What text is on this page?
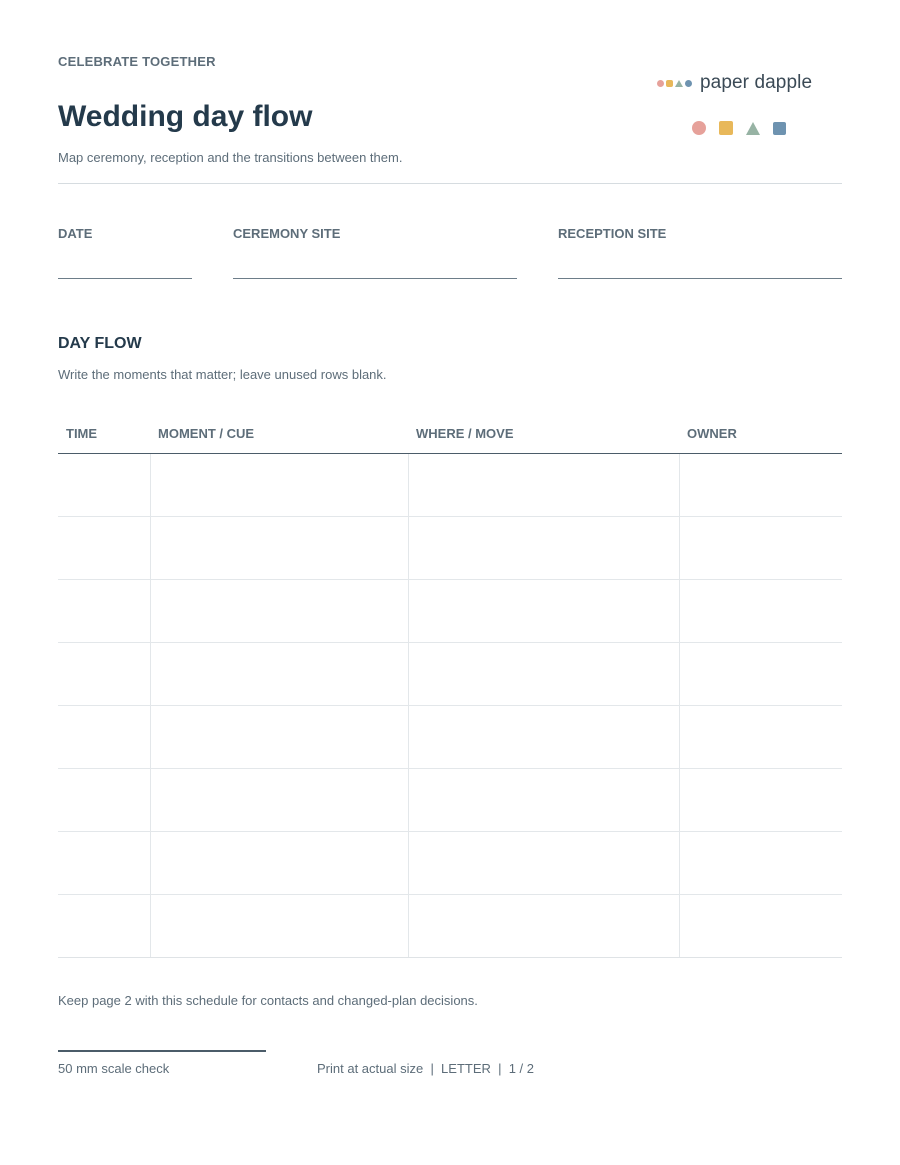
CELEBRATE TOGETHER
Wedding day flow
Map ceremony, reception and the transitions between them.
paper dapple
DATE	CEREMONY SITE	RECEPTION SITE
DAY FLOW
Write the moments that matter; leave unused rows blank.
TIME	MOMENT / CUE	WHERE / MOVE	OWNER

Keep page 2 with this schedule for contacts and changed-plan decisions.
50 mm scale check	Print at actual size  |  LETTER  |  1 / 2
